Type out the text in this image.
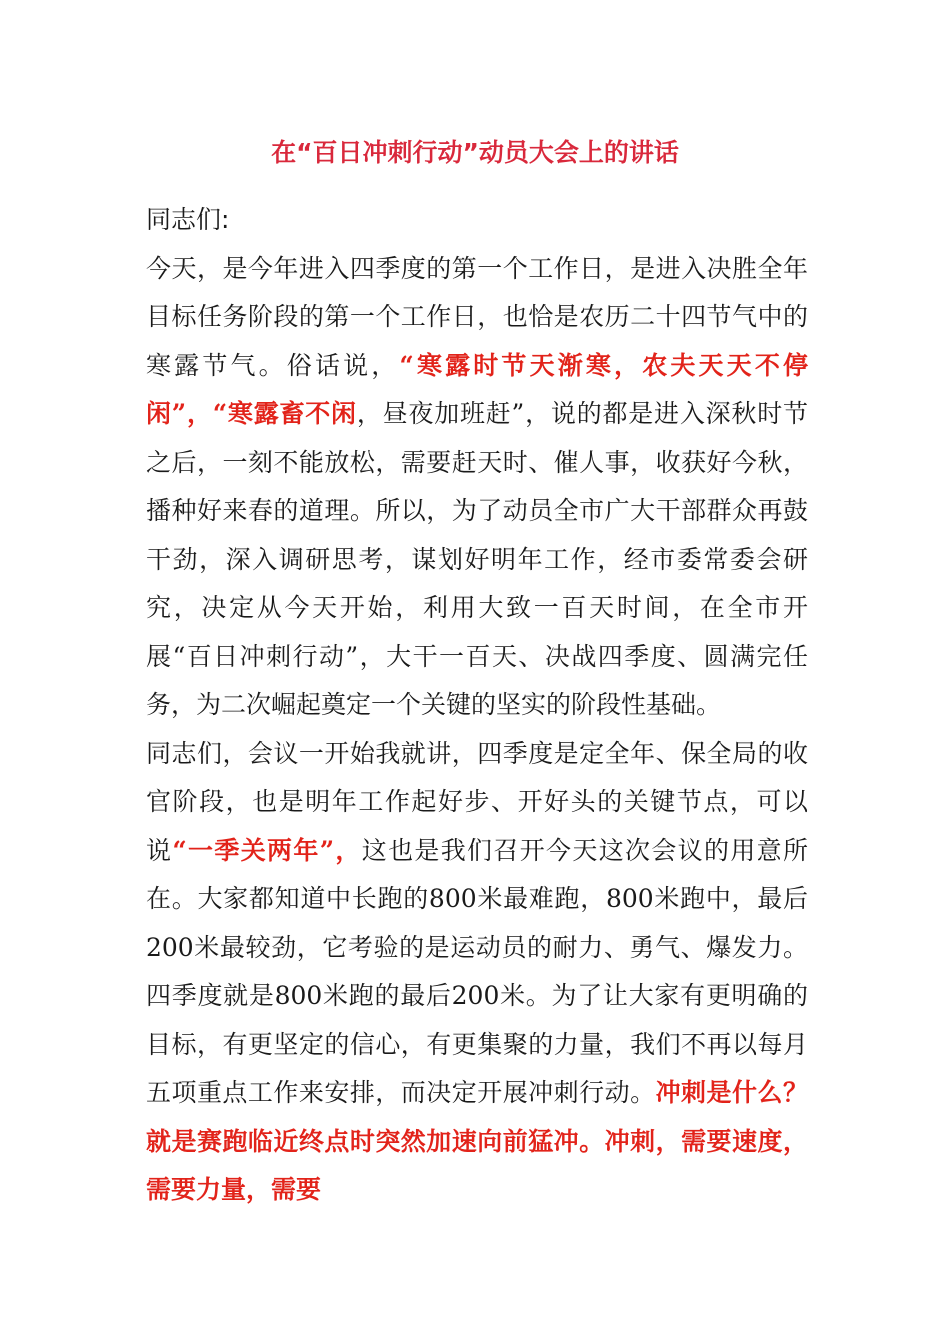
在“百日冲刺行动”动员大会上的讲话

同志们:

今天，是今年进入四季度的第一个工作日，是进入决胜全年目标任务阶段的第一个工作日，也恰是农历二十四节气中的寒露节气。俗话说，“寒露时节天渐寒，农夫天天不停闲”，“寒露畜不闲，昼夜加班赶”，说的都是进入深秋时节之后，一刻不能放松，需要赶天时、催人事，收获好今秋，播种好来春的道理。所以，为了动员全市广大干部群众再鼓干劲，深入调研思考，谋划好明年工作，经市委常委会研究，决定从今天开始，利用大致一百天时间，在全市开展“百日冲刺行动”，大干一百天、决战四季度、圆满完任务，为二次崛起奠定一个关键的坚实的阶段性基础。

同志们，会议一开始我就讲，四季度是定全年、保全局的收官阶段，也是明年工作起好步、开好头的关键节点，可以说“一季关两年”，这也是我们召开今天这次会议的用意所在。大家都知道中长跑的800米最难跑，800米跑中，最后200米最较劲，它考验的是运动员的耐力、勇气、爆发力。四季度就是800米跑的最后200米。为了让大家有更明确的目标，有更坚定的信心，有更集聚的力量，我们不再以每月五项重点工作来安排，而决定开展冲刺行动。冲刺是什么？就是赛跑临近终点时突然加速向前猛冲。冲刺，需要速度，需要力量，需要
